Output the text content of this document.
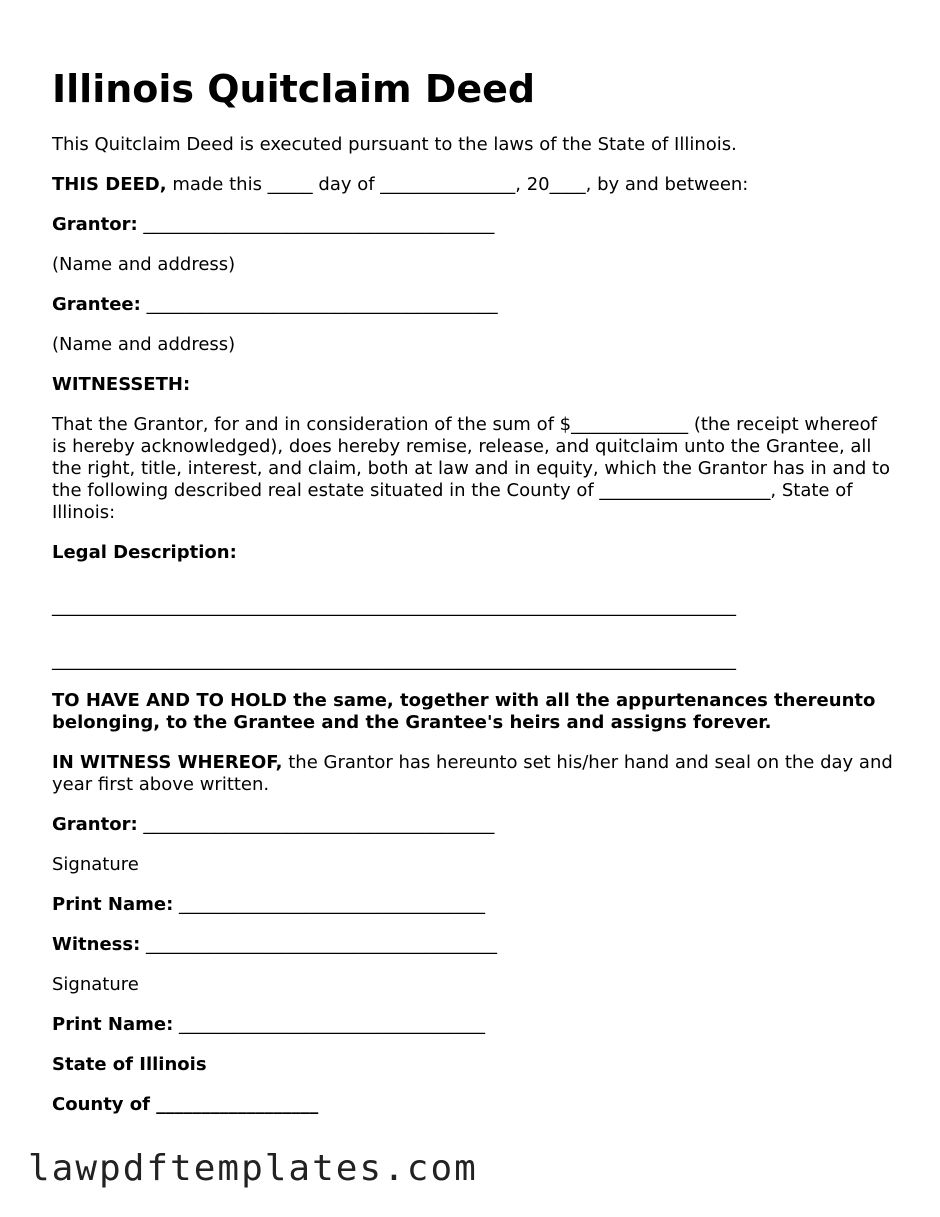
Illinois Quitclaim Deed

This Quitclaim Deed is executed pursuant to the laws of the State of Illinois.

THIS DEED, made this _____ day of _______________, 20____, by and between:

Grantor: _______________________________________

(Name and address)

Grantee: _______________________________________

(Name and address)

WITNESSETH:

That the Grantor, for and in consideration of the sum of $_____________ (the receipt whereof is hereby acknowledged), does hereby remise, release, and quitclaim unto the Grantee, all the right, title, interest, and claim, both at law and in equity, which the Grantor has in and to the following described real estate situated in the County of ___________________, State of Illinois:

Legal Description:

____________________________________________________________________________

____________________________________________________________________________

TO HAVE AND TO HOLD the same, together with all the appurtenances thereunto belonging, to the Grantee and the Grantee's heirs and assigns forever.

IN WITNESS WHEREOF, the Grantor has hereunto set his/her hand and seal on the day and year first above written.

Grantor: _______________________________________

Signature

Print Name: __________________________________

Witness: _______________________________________

Signature

Print Name: __________________________________

State of Illinois

County of __________________

lawpdftemplates.com
